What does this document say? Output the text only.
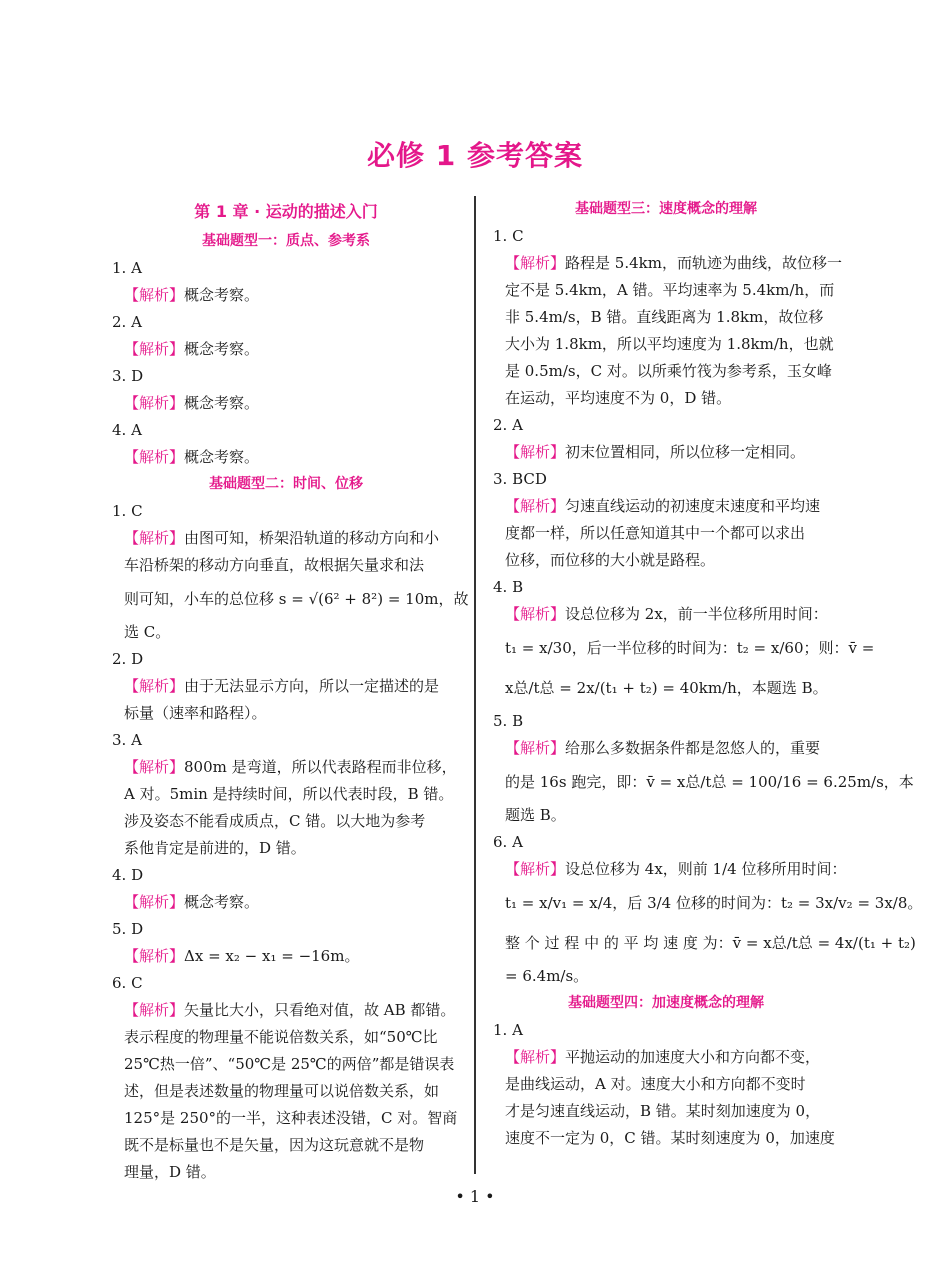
必修 1 参考答案
第 1 章 · 运动的描述入门
基础题型一：质点、参考系
1. A
【解析】概念考察。
2. A
【解析】概念考察。
3. D
【解析】概念考察。
4. A
【解析】概念考察。
基础题型二：时间、位移
1. C
【解析】由图可知，桥架沿轨道的移动方向和小
车沿桥架的移动方向垂直，故根据矢量求和法
则可知，小车的总位移 s = √(6² + 8²) = 10m，故
选 C。
2. D
【解析】由于无法显示方向，所以一定描述的是
标量（速率和路程）。
3. A
【解析】800m 是弯道，所以代表路程而非位移，
A 对。5min 是持续时间，所以代表时段，B 错。
涉及姿态不能看成质点，C 错。以大地为参考
系他肯定是前进的，D 错。
4. D
【解析】概念考察。
5. D
【解析】Δx = x₂ − x₁ = −16m。
6. C
【解析】矢量比大小，只看绝对值，故 AB 都错。
表示程度的物理量不能说倍数关系，如“50℃比
25℃热一倍”、“50℃是 25℃的两倍”都是错误表
述，但是表述数量的物理量可以说倍数关系，如
125°是 250°的一半，这种表述没错，C 对。智商
既不是标量也不是矢量，因为这玩意就不是物
理量，D 错。
基础题型三：速度概念的理解
1. C
【解析】路程是 5.4km，而轨迹为曲线，故位移一
定不是 5.4km，A 错。平均速率为 5.4km/h，而
非 5.4m/s，B 错。直线距离为 1.8km，故位移
大小为 1.8km，所以平均速度为 1.8km/h，也就
是 0.5m/s，C 对。以所乘竹筏为参考系，玉女峰
在运动，平均速度不为 0，D 错。
2. A
【解析】初末位置相同，所以位移一定相同。
3. BCD
【解析】匀速直线运动的初速度末速度和平均速
度都一样，所以任意知道其中一个都可以求出
位移，而位移的大小就是路程。
4. B
【解析】设总位移为 2x，前一半位移所用时间：
t₁ = x/30，后一半位移的时间为：t₂ = x/60；则：v̄ =
x总/t总 = 2x/(t₁ + t₂) = 40km/h，本题选 B。
5. B
【解析】给那么多数据条件都是忽悠人的，重要
的是 16s 跑完，即：v̄ = x总/t总 = 100/16 = 6.25m/s，本
题选 B。
6. A
【解析】设总位移为 4x，则前 1/4 位移所用时间：
t₁ = x/v₁ = x/4，后 3/4 位移的时间为：t₂ = 3x/v₂ = 3x/8。
整 个 过 程 中 的 平 均 速 度 为：v̄ = x总/t总 = 4x/(t₁ + t₂)
= 6.4m/s。
基础题型四：加速度概念的理解
1. A
【解析】平抛运动的加速度大小和方向都不变，
是曲线运动，A 对。速度大小和方向都不变时
才是匀速直线运动，B 错。某时刻加速度为 0，
速度不一定为 0，C 错。某时刻速度为 0，加速度
• 1 •
